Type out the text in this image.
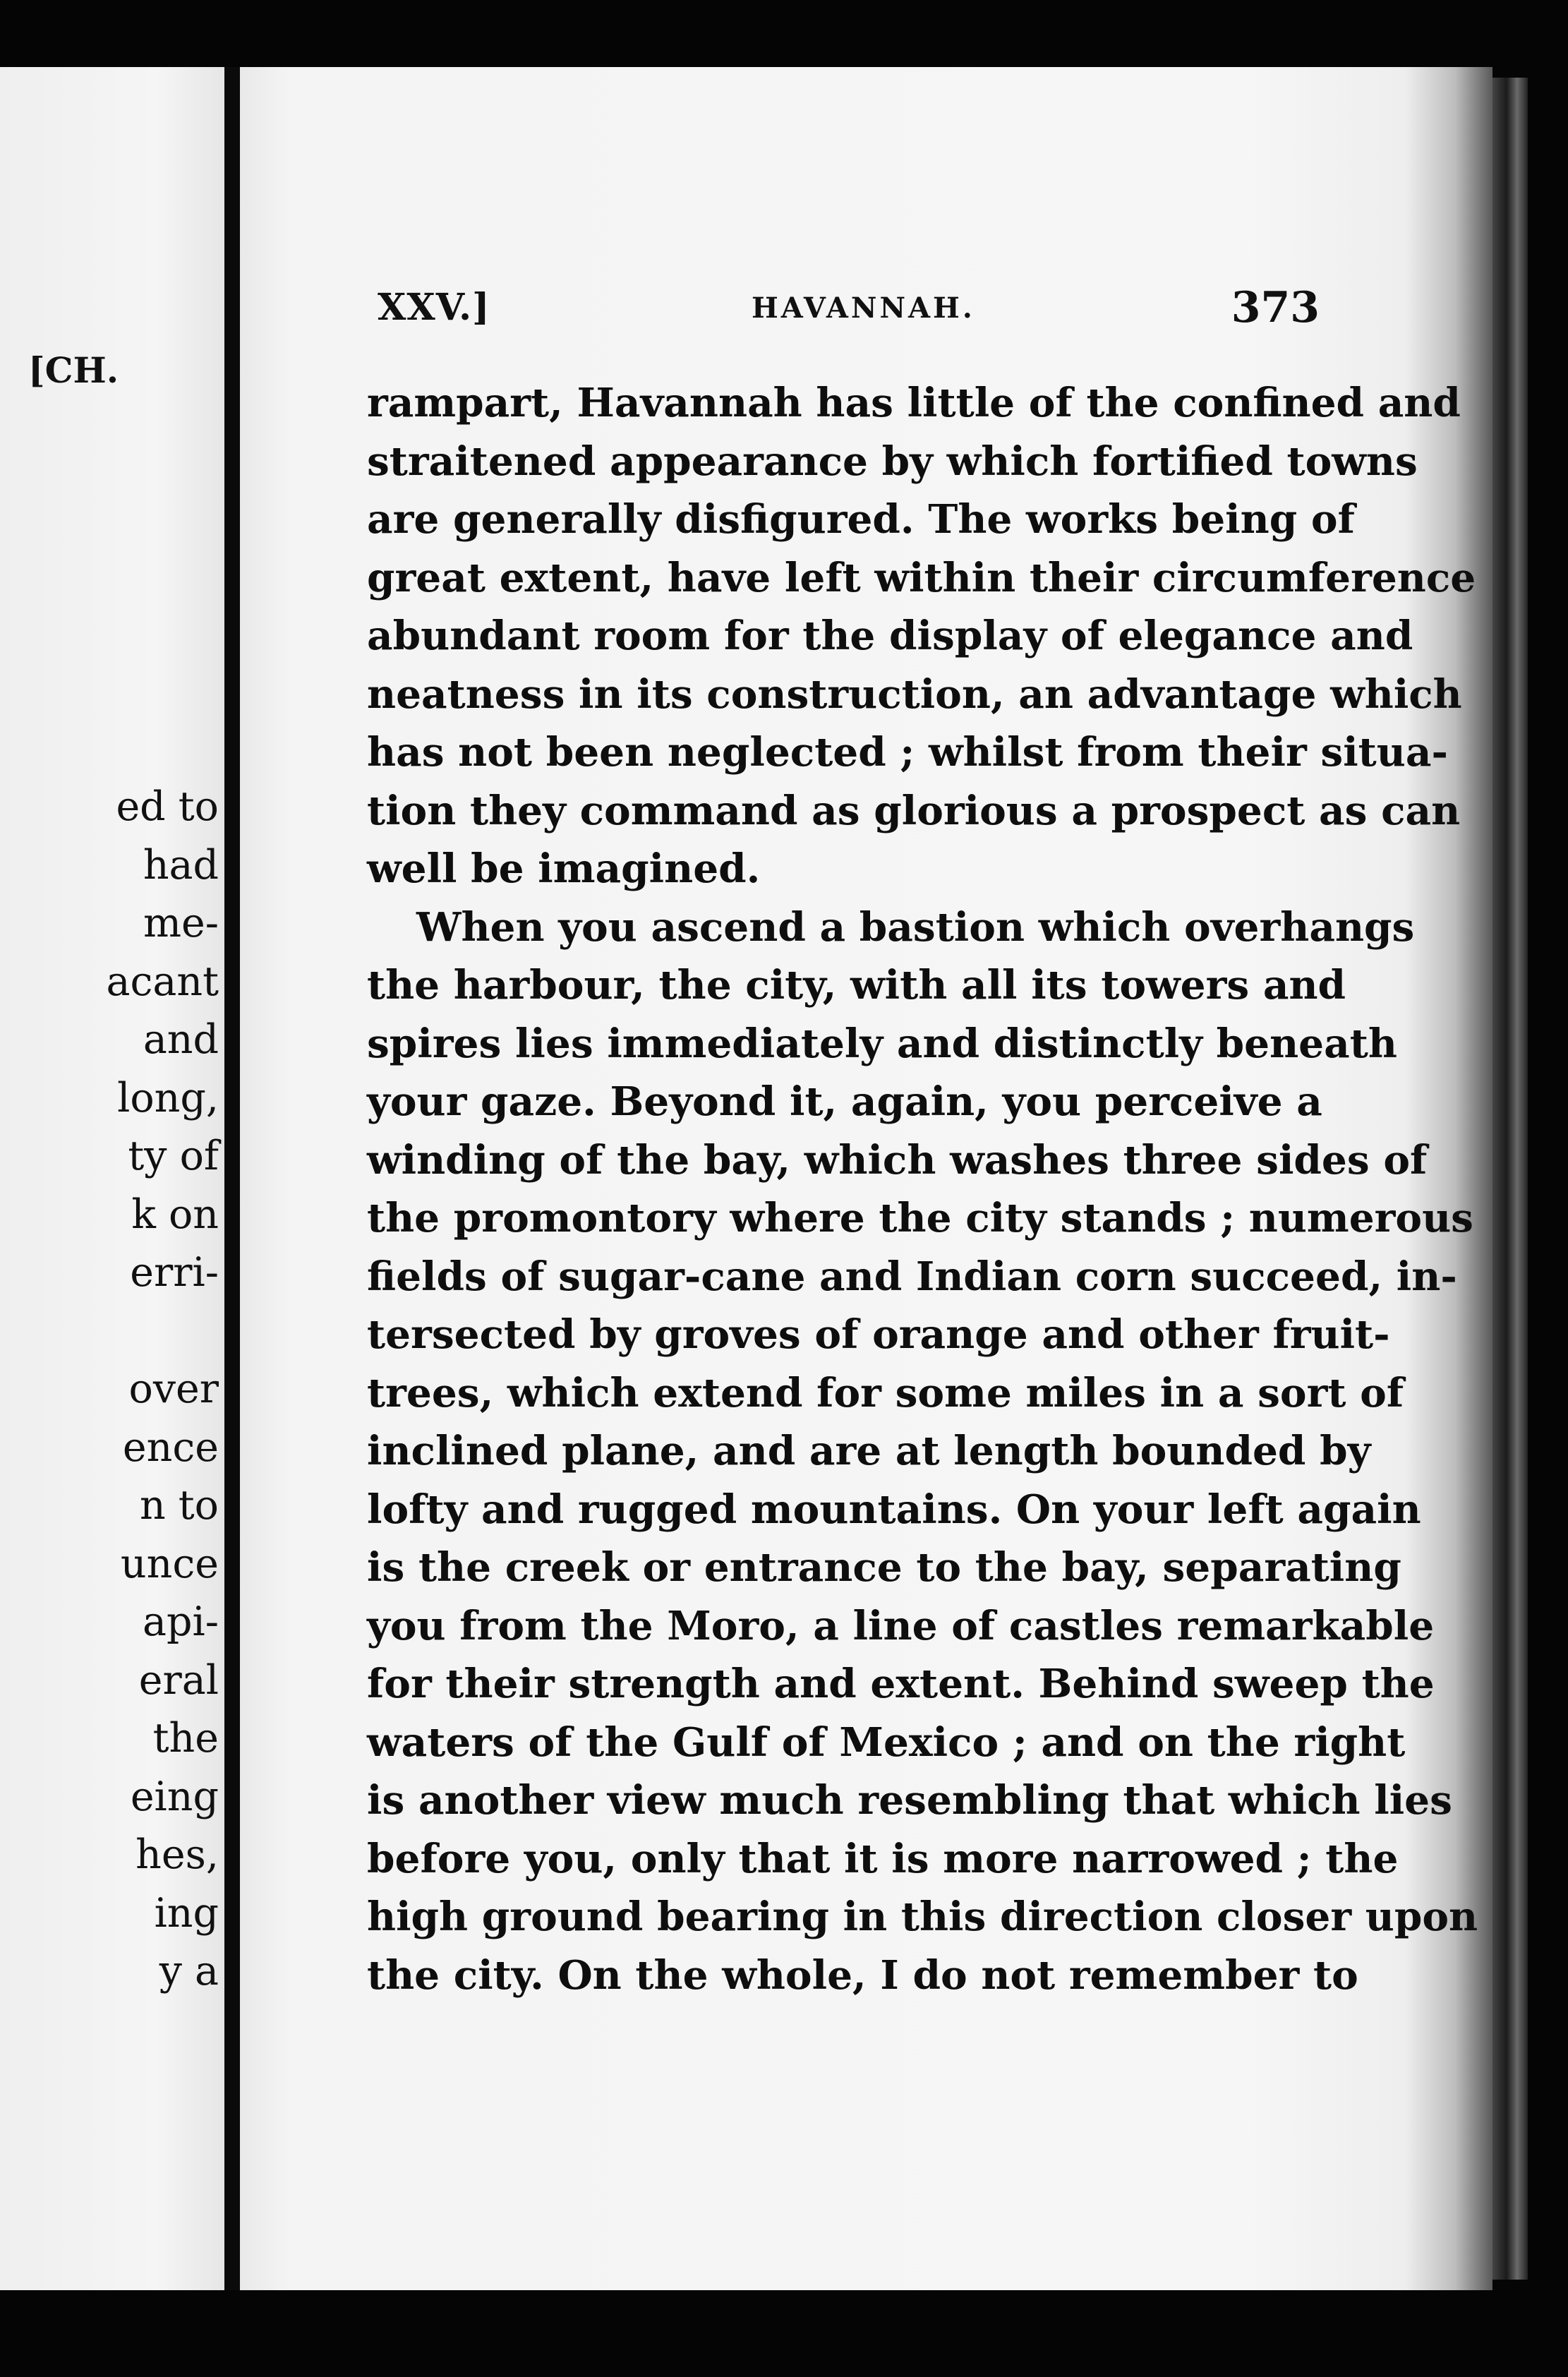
[CH.
ed to
had
me-
acant
and
long,
ty of
k on
erri-
over
ence
n to
unce
api-
eral
the
eing
hes,
ing
y a
XXV.]	HAVANNAH.	373
rampart, Havannah has little of the confined and
straitened appearance by which fortified towns
are generally disfigured. The works being of
great extent, have left within their circumference
abundant room for the display of elegance and
neatness in its construction, an advantage which
has not been neglected ; whilst from their situa-
tion they command as glorious a prospect as can
well be imagined.
When you ascend a bastion which overhangs
the harbour, the city, with all its towers and
spires lies immediately and distinctly beneath
your gaze. Beyond it, again, you perceive a
winding of the bay, which washes three sides of
the promontory where the city stands ; numerous
fields of sugar-cane and Indian corn succeed, in-
tersected by groves of orange and other fruit-
trees, which extend for some miles in a sort of
inclined plane, and are at length bounded by
lofty and rugged mountains. On your left again
is the creek or entrance to the bay, separating
you from the Moro, a line of castles remarkable
for their strength and extent. Behind sweep the
waters of the Gulf of Mexico ; and on the right
is another view much resembling that which lies
before you, only that it is more narrowed ; the
high ground bearing in this direction closer upon
the city. On the whole, I do not remember to
